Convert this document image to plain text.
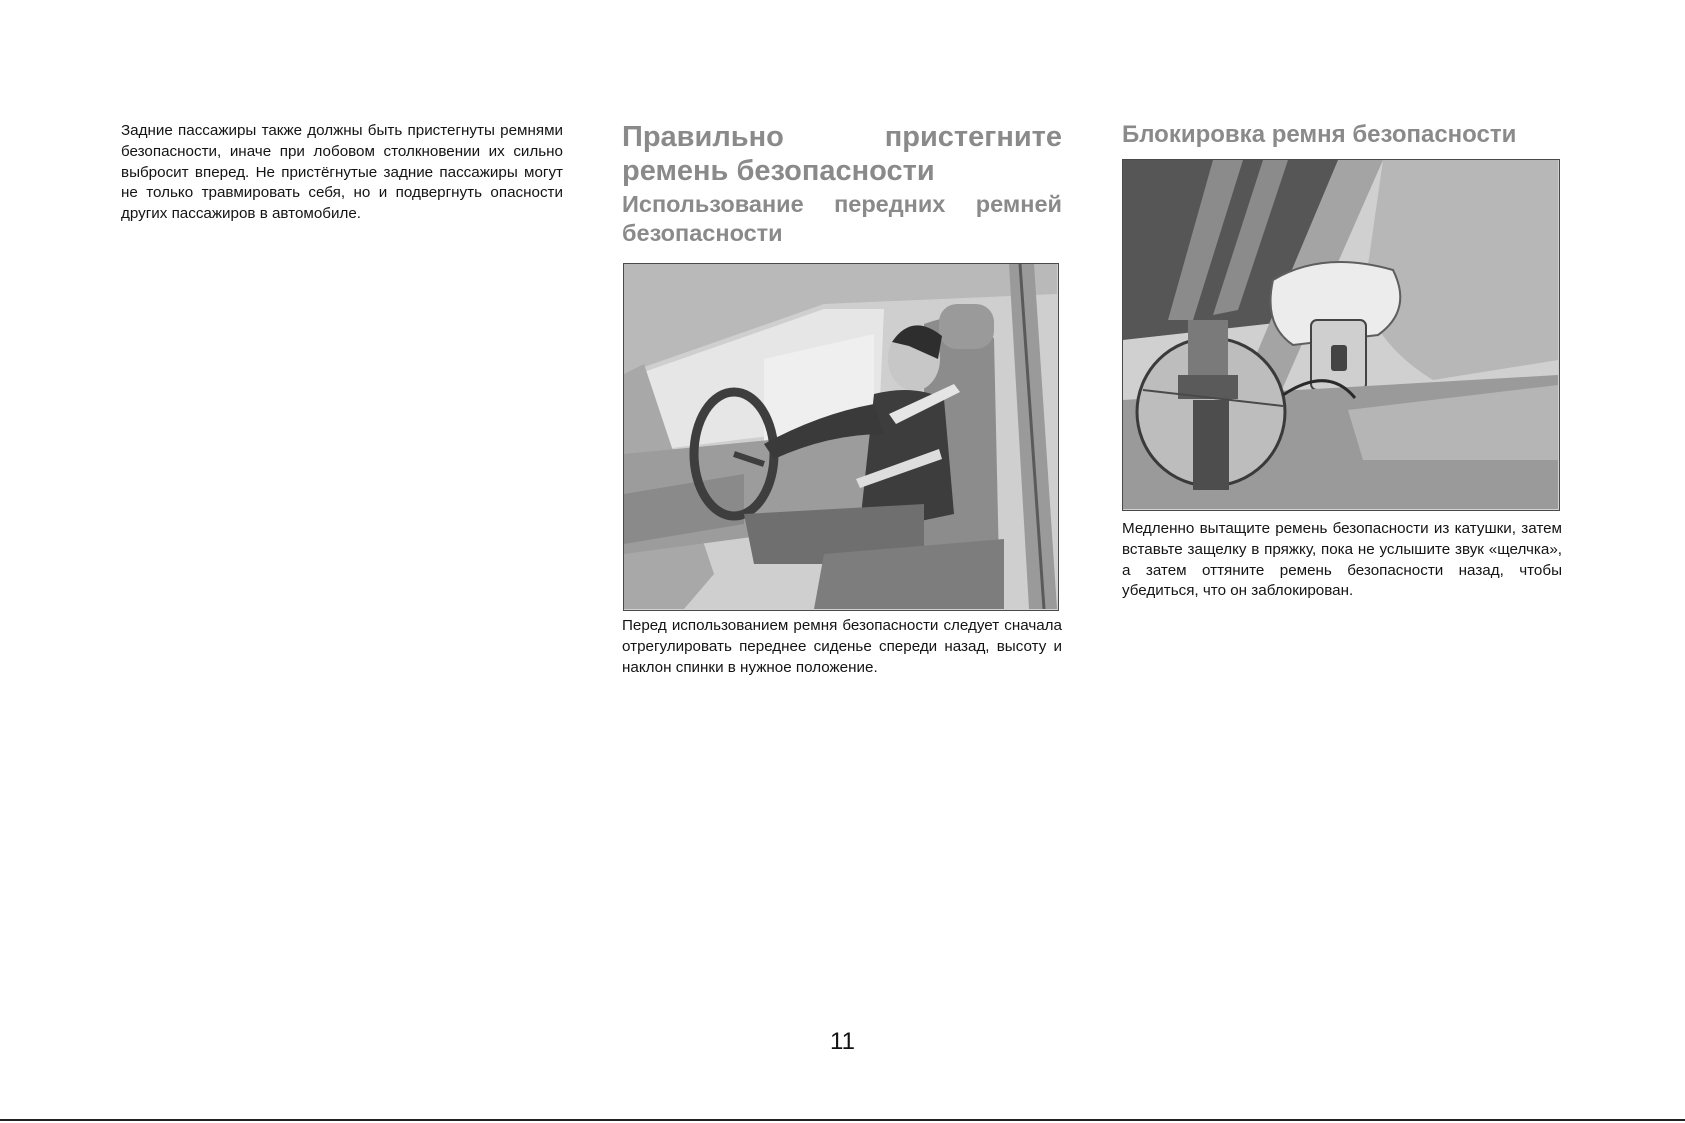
Задние пассажиры также должны быть пристегнуты ремнями безопасности, иначе при лобовом столкновении их сильно выбросит вперед. Не пристёгнутые задние пассажиры могут не только травмировать себя, но и подвергнуть опасности других пассажиров в автомобиле.

Правильно	пристегните
ремень безопасности
Использование передних ремней
безопасности

Перед использованием ремня безопасности следует сначала отрегулировать переднее сиденье спереди назад, высоту и наклон спинки в нужное положение.

Блокировка ремня безопасности

Медленно вытащите ремень безопасности из катушки, затем вставьте защелку в пряжку, пока не услышите звук «щелчка», а затем оттяните ремень безопасности назад, чтобы убедиться, что он заблокирован.

11
